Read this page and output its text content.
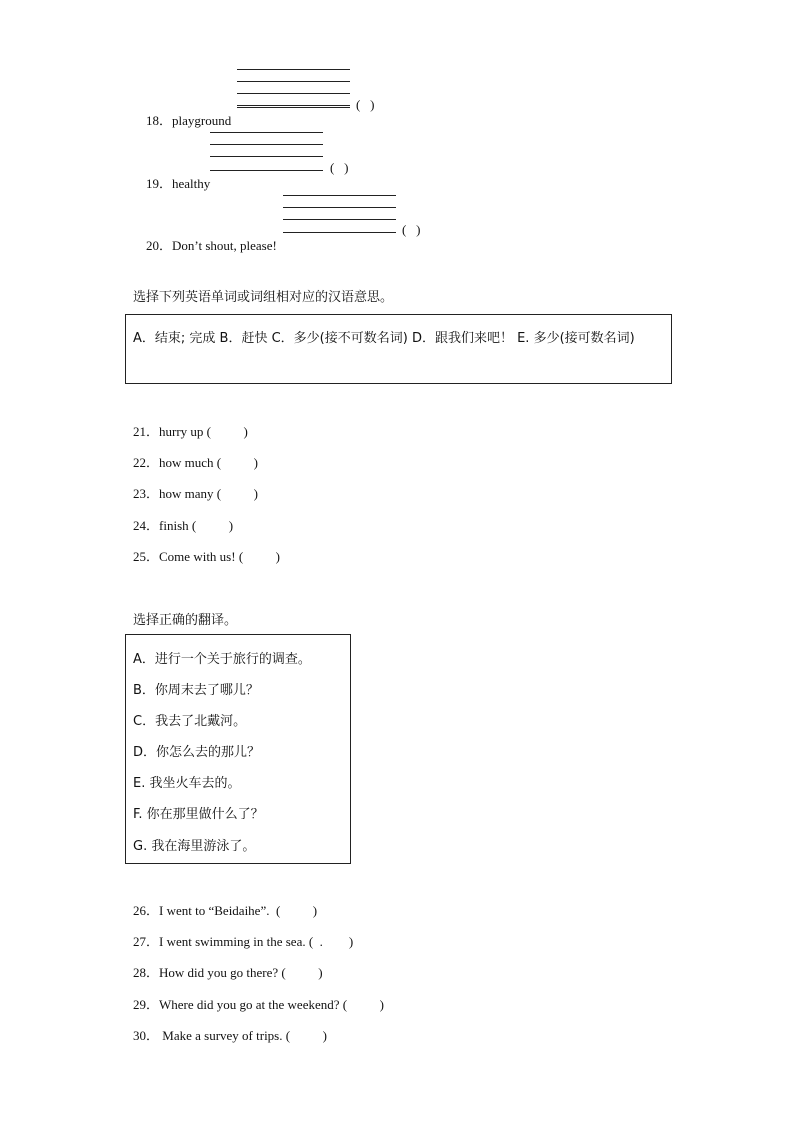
18．playground

(   )

19．healthy

(   )

20．Don’t shout, please!

(   )
选择下列英语单词或词组相对应的汉语意思。
A．结束; 完成 B．赶快 C．多少(接不可数名词) D．跟我们来吧！ E. 多少(接可数名词)
21．hurry up (          )
22．how much (          )
23．how many (          )
24．finish (          )
25．Come with us! (          )
选择正确的翻译。
A．进行一个关于旅行的调查。
B．你周末去了哪儿？
C．我去了北戴河。
D．你怎么去的那儿？
E. 我坐火车去的。
F. 你在那里做什么了？
G. 我在海里游泳了。
26．I went to “Beidaihe”.  (          )
27．I went swimming in the sea. (  .        )
28．How did you go there? (          )
29．Where did you go at the weekend? (          )
30． Make a survey of trips. (          )
